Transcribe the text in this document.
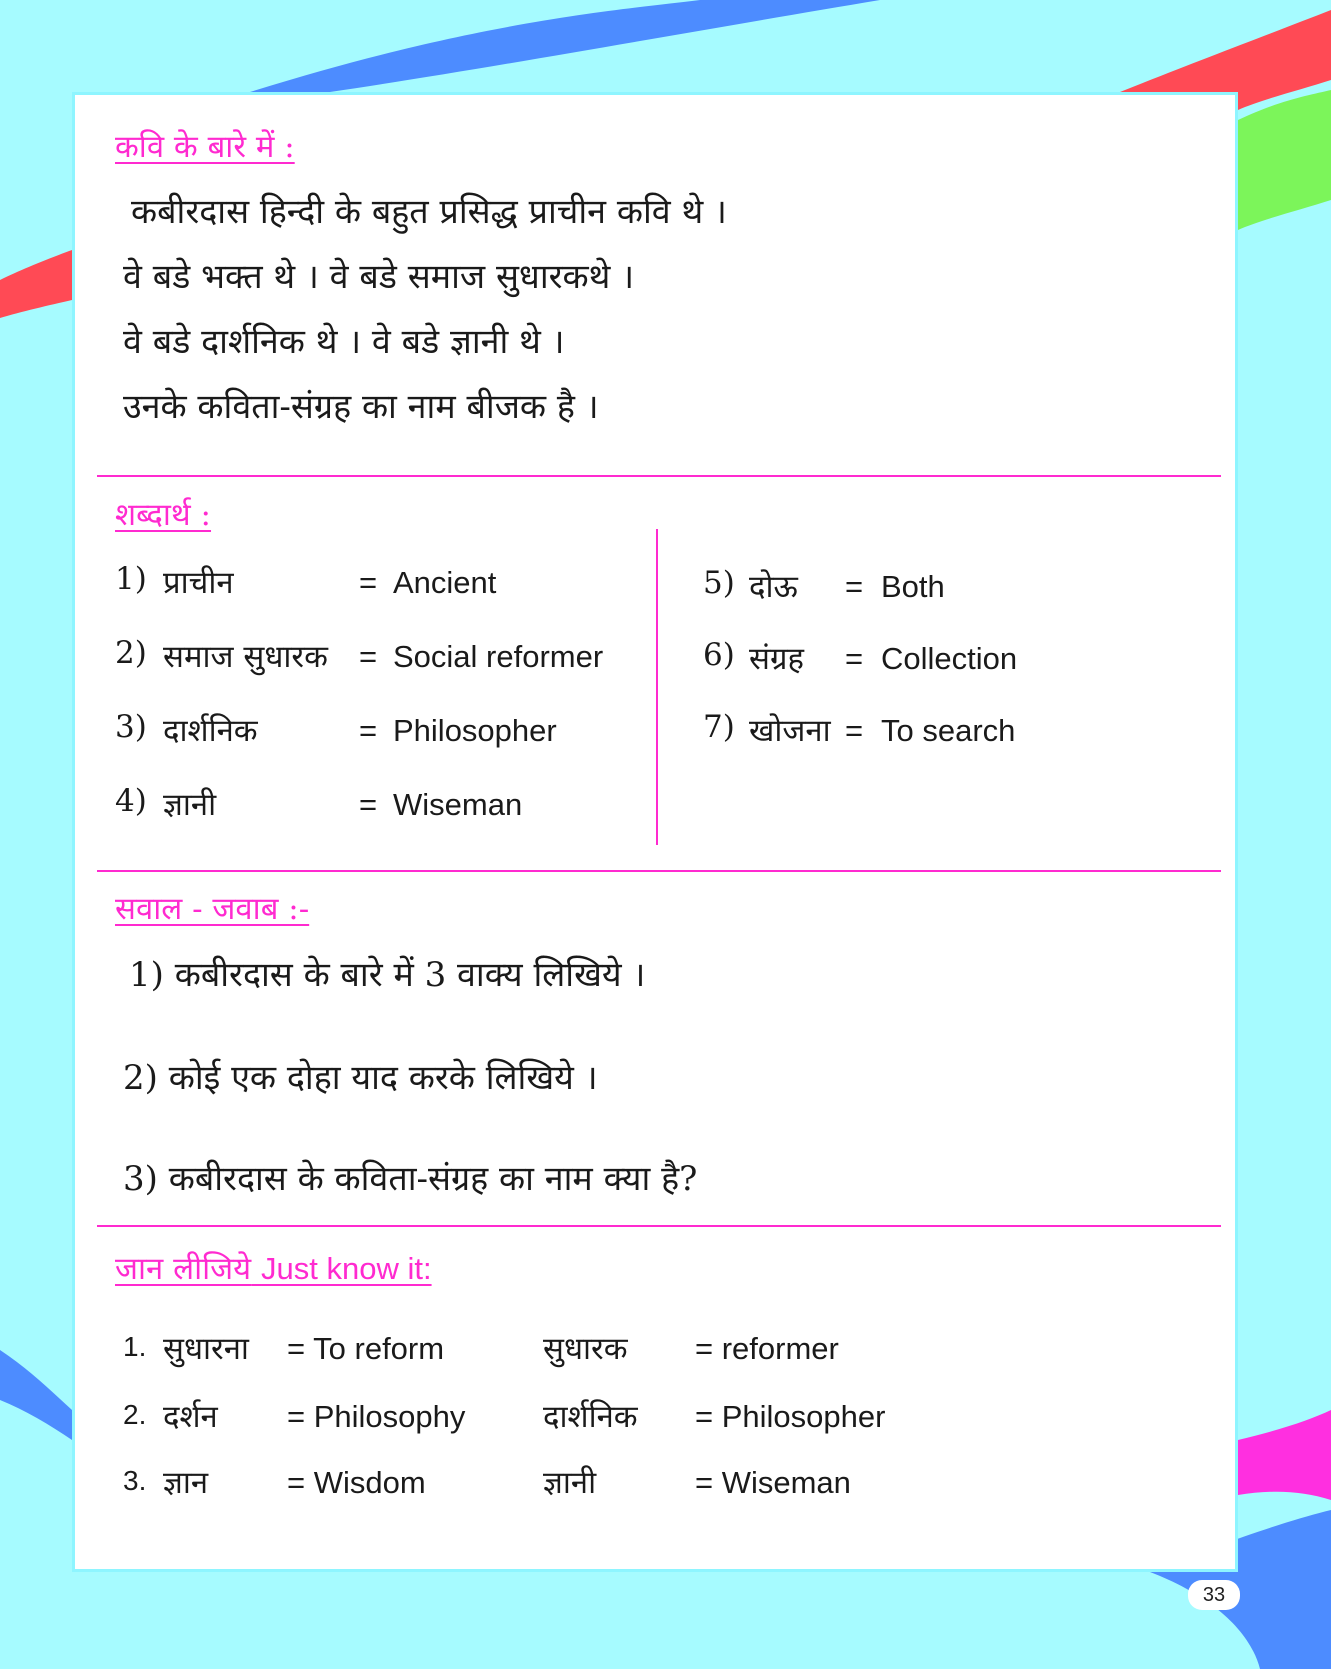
कवि के बारे में :
कबीरदास हिन्दी के बहुत प्रसिद्ध प्राचीन कवि थे ।
वे बडे भक्त थे । वे बडे समाज सुधारकथे ।
वे बडे दार्शनिक थे । वे बडे ज्ञानी थे ।
उनके कविता-संग्रह का नाम बीजक है ।
शब्दार्थ :
1) प्राचीन	= Ancient
2) समाज सुधारक = Social reformer
3) दार्शनिक	= Philosopher
4) ज्ञानी	= Wiseman
5) दोऊ = Both
6) संग्रह = Collection
7) खोजना = To search
सवाल - जवाब :-
1) कबीरदास के बारे में 3 वाक्य लिखिये ।
2) कोई एक दोहा याद करके लिखिये ।
3) कबीरदास के कविता-संग्रह का नाम क्या है?
जान लीजिये Just know it:
1. सुधारना = To reform	सुधारक = reformer
2. दर्शन = Philosophy	दार्शनिक = Philosopher
3. ज्ञान	= Wisdom	ज्ञानी	= Wiseman
33
